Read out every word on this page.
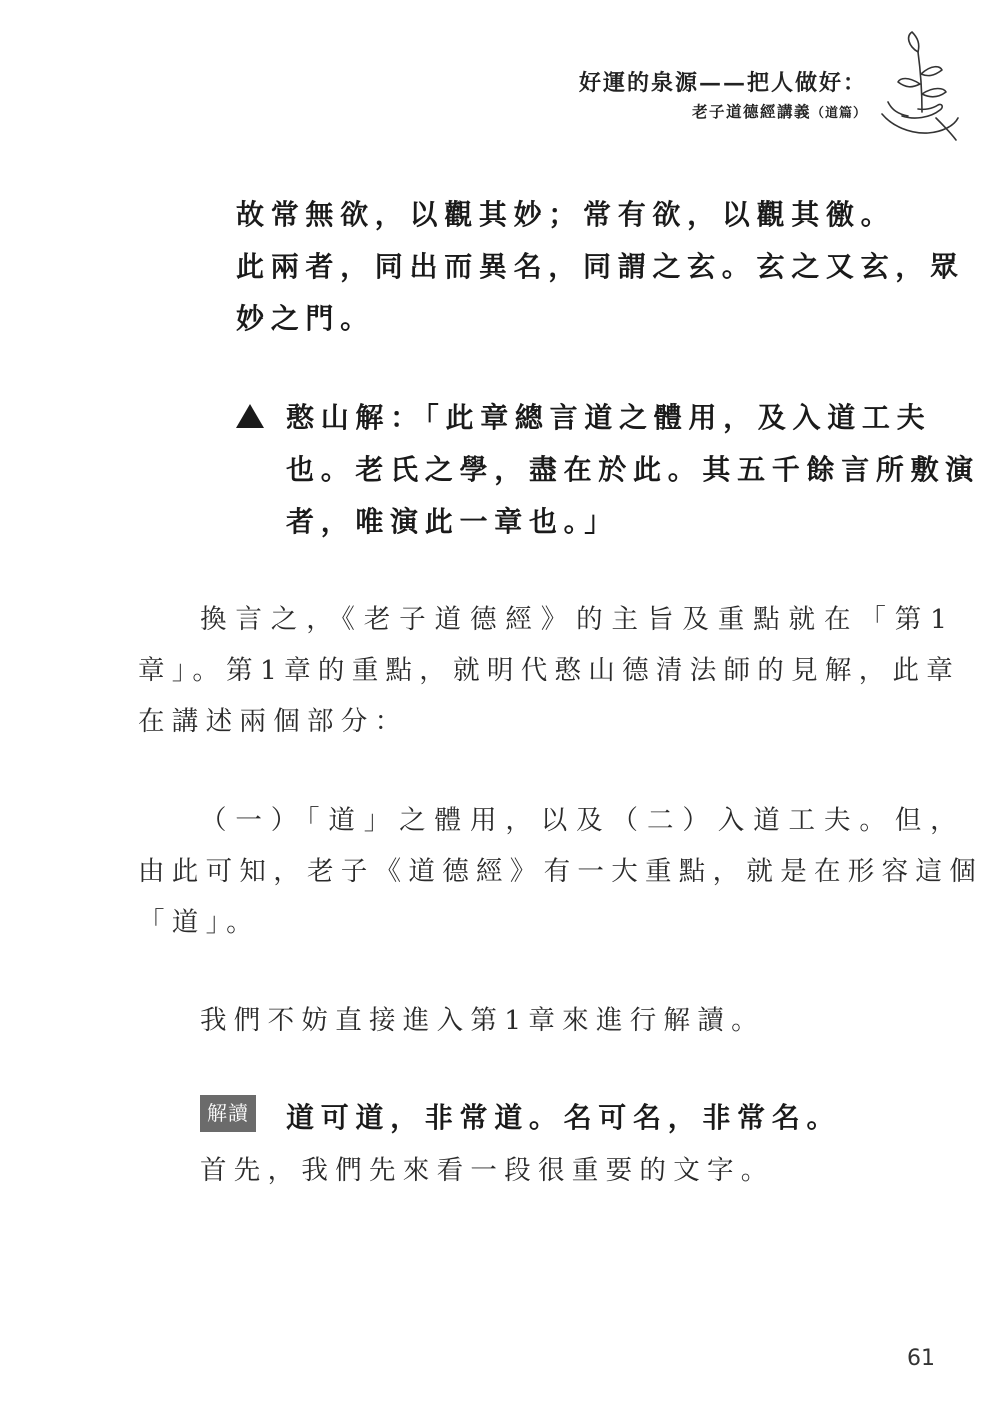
好運的泉源——把人做好：
老子道德經講義（道篇）
故常無欲，以觀其妙；常有欲，以觀其徼。
此兩者，同出而異名，同謂之玄。玄之又玄，眾
妙之門。
憨山解：「此章總言道之體用，及入道工夫
也。老氏之學，盡在於此。其五千餘言所敷演
者，唯演此一章也。」
換言之，《老子道德經》的主旨及重點就在「第1
章」。第1章的重點，就明代憨山德清法師的見解，此章
在講述兩個部分：
（一）「道」之體用，以及（二）入道工夫。但，
由此可知，老子《道德經》有一大重點，就是在形容這個
「道」。
我們不妨直接進入第1章來進行解讀。
解讀 道可道，非常道。名可名，非常名。
首先，我們先來看一段很重要的文字。
61
